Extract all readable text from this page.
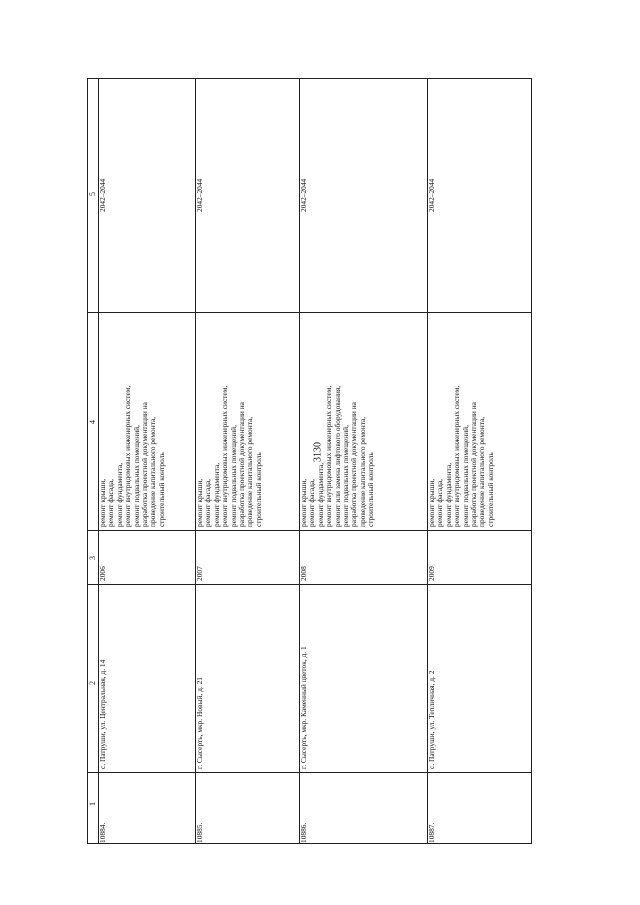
3130
1
2
3
4
5
10884.
с. Патруши, ул. Центральная, д. 14
2006
ремонт крыши, ремонт фасада, ремонт фундамента, ремонт внутридомовых инженерных систем, ремонт подвальных помещений, разработка проектной документации на проведение капитального ремонта, строительный контроль
2042–2044
10885.
г. Сысерть, мкр. Новый, д. 21
2007
ремонт крыши, ремонт фасада, ремонт фундамента, ремонт внутридомовых инженерных систем, ремонт подвальных помещений, разработка проектной документации на проведение капитального ремонта, строительный контроль
2042–2044
10886.
г. Сысерть, мкр. Каменный цветок, д. 1
2008
ремонт крыши, ремонт фасада, ремонт фундамента, ремонт внутридомовых инженерных систем, ремонт или замена лифтового оборудования, ремонт подвальных помещений, разработка проектной документации на проведение капитального ремонта, строительный контроль
2042–2044
10887.
с. Патруши, ул. Тепличная, д. 2
2009
ремонт крыши, ремонт фасада, ремонт фундамента, ремонт внутридомовых инженерных систем, ремонт подвальных помещений, разработка проектной документации на проведение капитального ремонта, строительный контроль
2042–2044
